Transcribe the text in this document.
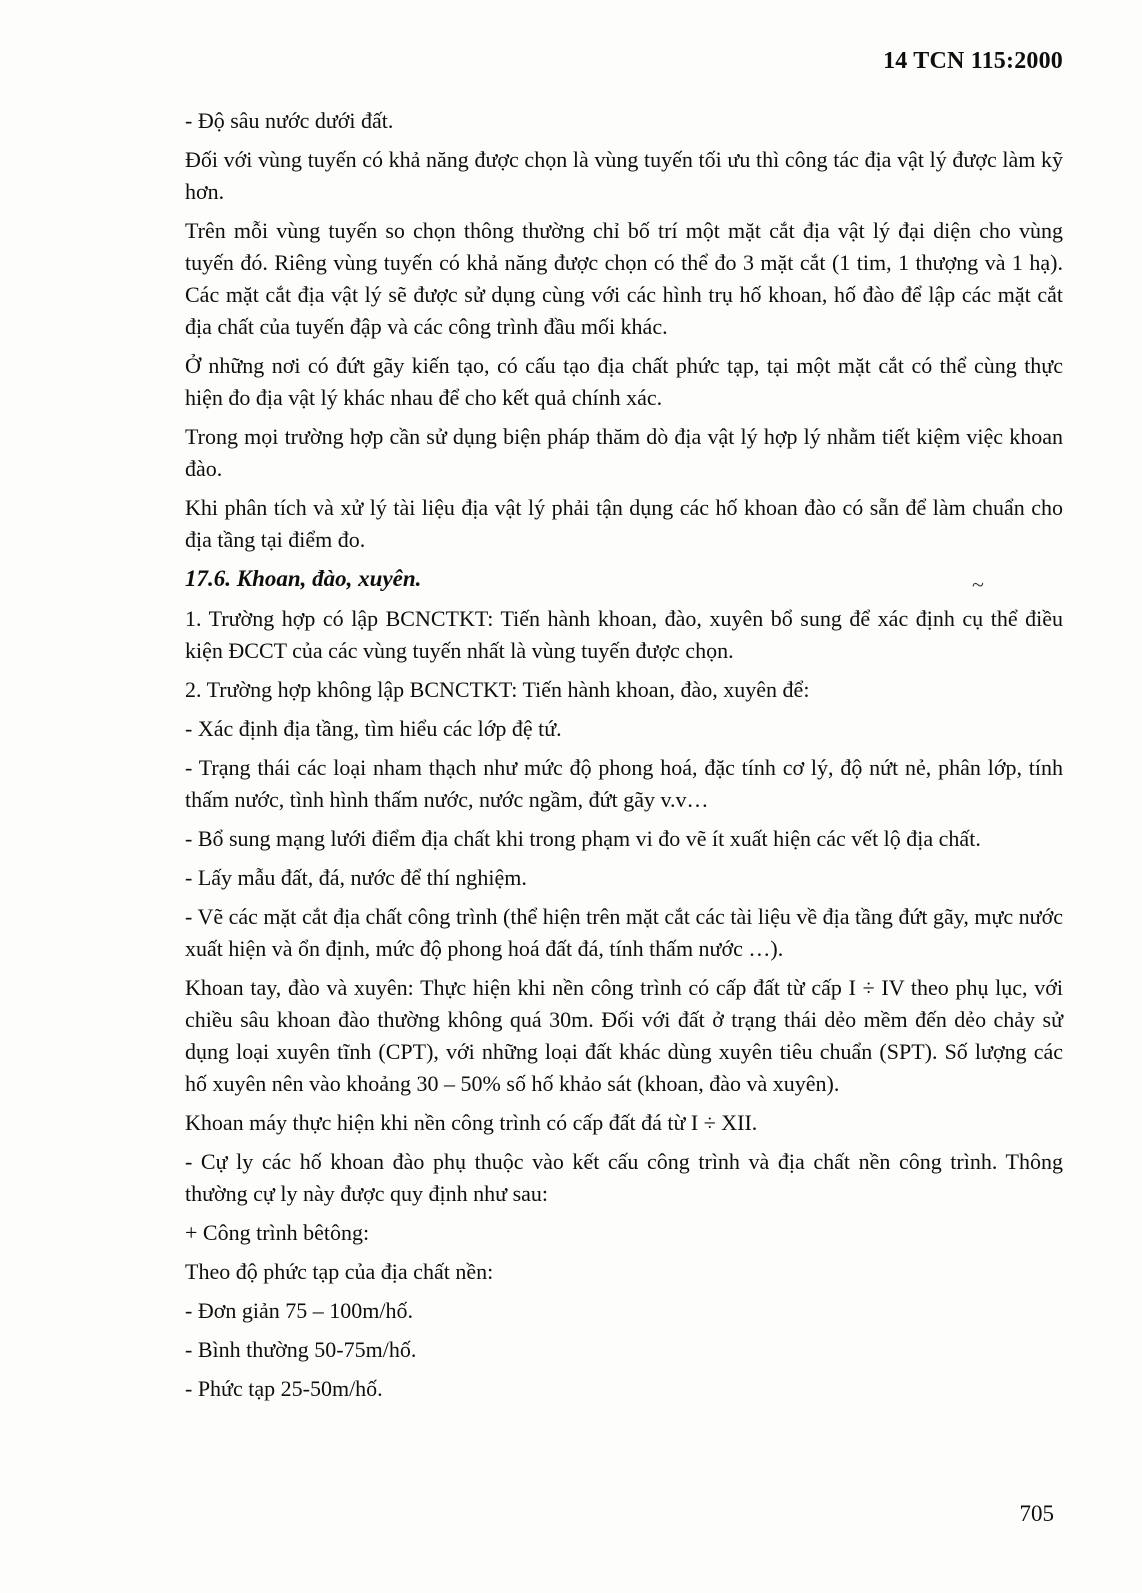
14 TCN 115:2000

- Độ sâu nước dưới đất.

Đối với vùng tuyến có khả năng được chọn là vùng tuyến tối ưu thì công tác địa vật lý được làm kỹ hơn.

Trên mỗi vùng tuyến so chọn thông thường chỉ bố trí một mặt cắt địa vật lý đại diện cho vùng tuyến đó. Riêng vùng tuyến có khả năng được chọn có thể đo 3 mặt cắt (1 tim, 1 thượng và 1 hạ). Các mặt cắt địa vật lý sẽ được sử dụng cùng với các hình trụ hố khoan, hố đào để lập các mặt cắt địa chất của tuyến đập và các công trình đầu mối khác.

Ở những nơi có đứt gãy kiến tạo, có cấu tạo địa chất phức tạp, tại một mặt cắt có thể cùng thực hiện đo địa vật lý khác nhau để cho kết quả chính xác.

Trong mọi trường hợp cần sử dụng biện pháp thăm dò địa vật lý hợp lý nhằm tiết kiệm việc khoan đào.

Khi phân tích và xử lý tài liệu địa vật lý phải tận dụng các hố khoan đào có sẵn để làm chuẩn cho địa tầng tại điểm đo.

17.6. Khoan, đào, xuyên.

1. Trường hợp có lập BCNCTKT: Tiến hành khoan, đào, xuyên bổ sung để xác định cụ thể điều kiện ĐCCT của các vùng tuyến nhất là vùng tuyến được chọn.

2. Trường hợp không lập BCNCTKT: Tiến hành khoan, đào, xuyên để:

- Xác định địa tầng, tìm hiểu các lớp đệ tứ.

- Trạng thái các loại nham thạch như mức độ phong hoá, đặc tính cơ lý, độ nứt nẻ, phân lớp, tính thấm nước, tình hình thấm nước, nước ngầm, đứt gãy v.v…

- Bổ sung mạng lưới điểm địa chất khi trong phạm vi đo vẽ ít xuất hiện các vết lộ địa chất.

- Lấy mẫu đất, đá, nước để thí nghiệm.

- Vẽ các mặt cắt địa chất công trình (thể hiện trên mặt cắt các tài liệu về địa tầng đứt gãy, mực nước xuất hiện và ổn định, mức độ phong hoá đất đá, tính thấm nước …).

Khoan tay, đào và xuyên: Thực hiện khi nền công trình có cấp đất từ cấp I ÷ IV theo phụ lục, với chiều sâu khoan đào thường không quá 30m. Đối với đất ở trạng thái dẻo mềm đến dẻo chảy sử dụng loại xuyên tĩnh (CPT), với những loại đất khác dùng xuyên tiêu chuẩn (SPT). Số lượng các hố xuyên nên vào khoảng 30 – 50% số hố khảo sát (khoan, đào và xuyên).

Khoan máy thực hiện khi nền công trình có cấp đất đá từ I ÷ XII.

- Cự ly các hố khoan đào phụ thuộc vào kết cấu công trình và địa chất nền công trình. Thông thường cự ly này được quy định như sau:

+ Công trình bêtông:

Theo độ phức tạp của địa chất nền:

- Đơn giản 75 – 100m/hố.

- Bình thường 50-75m/hố.

- Phức tạp 25-50m/hố.

~
705
